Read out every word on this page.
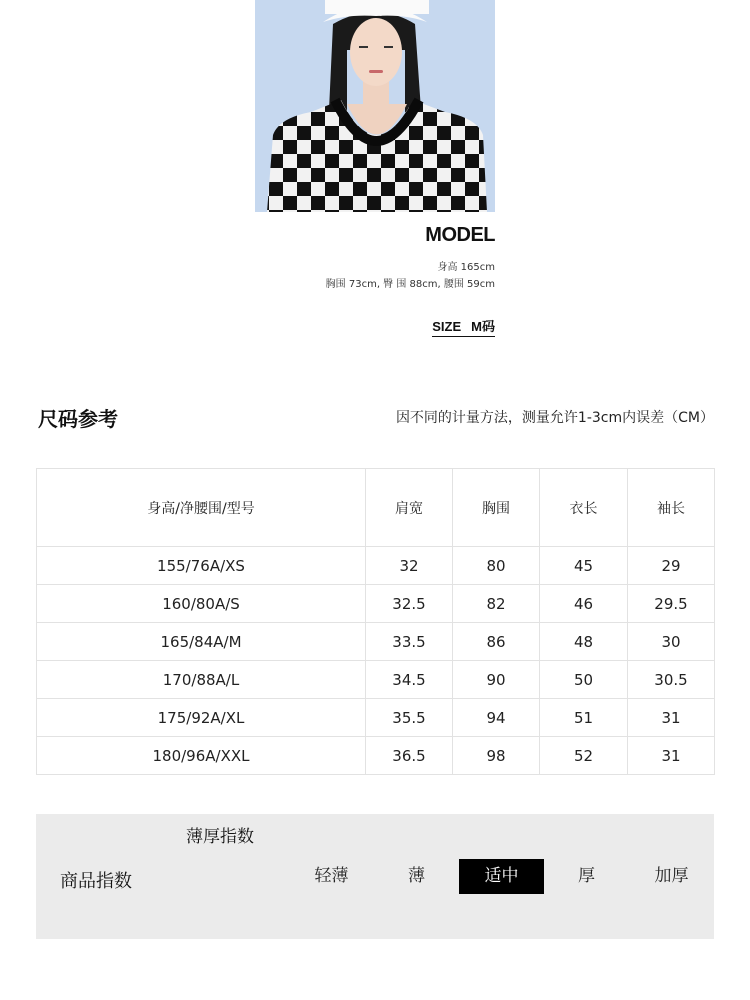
MODEL
身高 165cm
胸围 73cm, 臀 围 88cm, 腰围 59cm
SIZE M码
尺码参考	因不同的计量方法，测量允许1-3cm内误差（CM）
身高/净腰围/型号	肩宽	胸围	衣长	袖长
155/76A/XS	32	80	45	29
160/80A/S	32.5	82	46	29.5
165/84A/M	33.5	86	48	30
170/88A/L	34.5	90	50	30.5
175/92A/XL	35.5	94	51	31
180/96A/XXL	36.5	98	52	31
薄厚指数
商品指数	轻薄	薄	适中	厚	加厚
